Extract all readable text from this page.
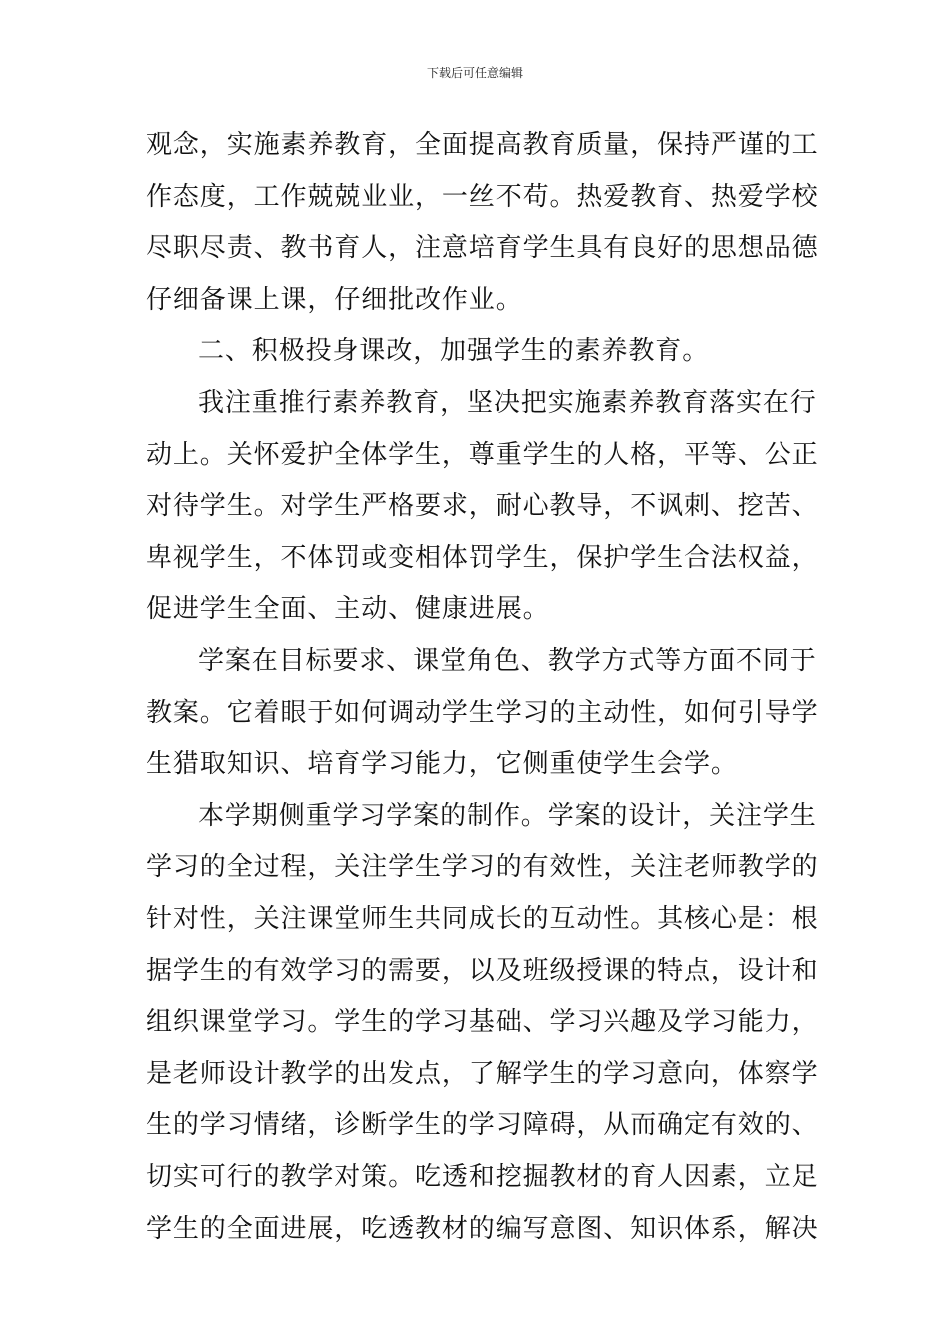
下载后可任意编辑
观念，实施素养教育，全面提高教育质量，保持严谨的工
作态度，工作兢兢业业，一丝不苟。热爱教育、热爱学校
尽职尽责、教书育人，注意培育学生具有良好的思想品德
仔细备课上课，仔细批改作业。
二、积极投身课改，加强学生的素养教育。
我注重推行素养教育，坚决把实施素养教育落实在行
动上。关怀爱护全体学生，尊重学生的人格，平等、公正
对待学生。对学生严格要求，耐心教导，不讽刺、挖苦、
卑视学生，不体罚或变相体罚学生，保护学生合法权益，
促进学生全面、主动、健康进展。
学案在目标要求、课堂角色、教学方式等方面不同于
教案。它着眼于如何调动学生学习的主动性，如何引导学
生猎取知识、培育学习能力，它侧重使学生会学。
本学期侧重学习学案的制作。学案的设计，关注学生
学习的全过程，关注学生学习的有效性，关注老师教学的
针对性，关注课堂师生共同成长的互动性。其核心是：根
据学生的有效学习的需要，以及班级授课的特点，设计和
组织课堂学习。学生的学习基础、学习兴趣及学习能力，
是老师设计教学的出发点，了解学生的学习意向，体察学
生的学习情绪，诊断学生的学习障碍，从而确定有效的、
切实可行的教学对策。吃透和挖掘教材的育人因素，立足
学生的全面进展，吃透教材的编写意图、知识体系，解决
